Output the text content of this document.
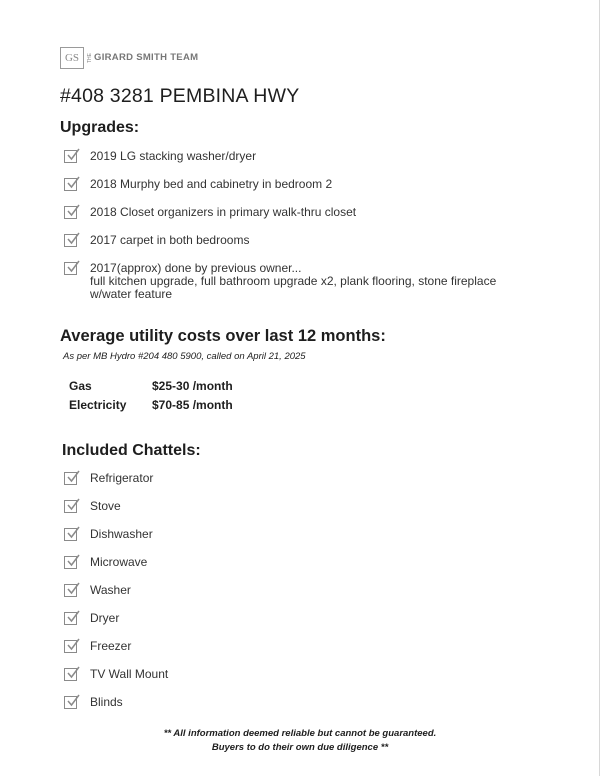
GS	THE GIRARD SMITH TEAM
#408 3281 PEMBINA HWY
Upgrades:
2019 LG stacking washer/dryer
2018 Murphy bed and cabinetry in bedroom 2
2018 Closet organizers in primary walk-thru closet
2017 carpet in both bedrooms
2017(approx) done by previous owner...
full kitchen upgrade, full bathroom upgrade x2, plank flooring, stone fireplace w/water feature
Average utility costs over last 12 months:
As per MB Hydro #204 480 5900, called on April 21, 2025
Gas	$25-30 /month
Electricity	$70-85 /month
Included Chattels:
Refrigerator
Stove
Dishwasher
Microwave
Washer
Dryer
Freezer
TV Wall Mount
Blinds
** All information deemed reliable but cannot be guaranteed.
Buyers to do their own due diligence **
